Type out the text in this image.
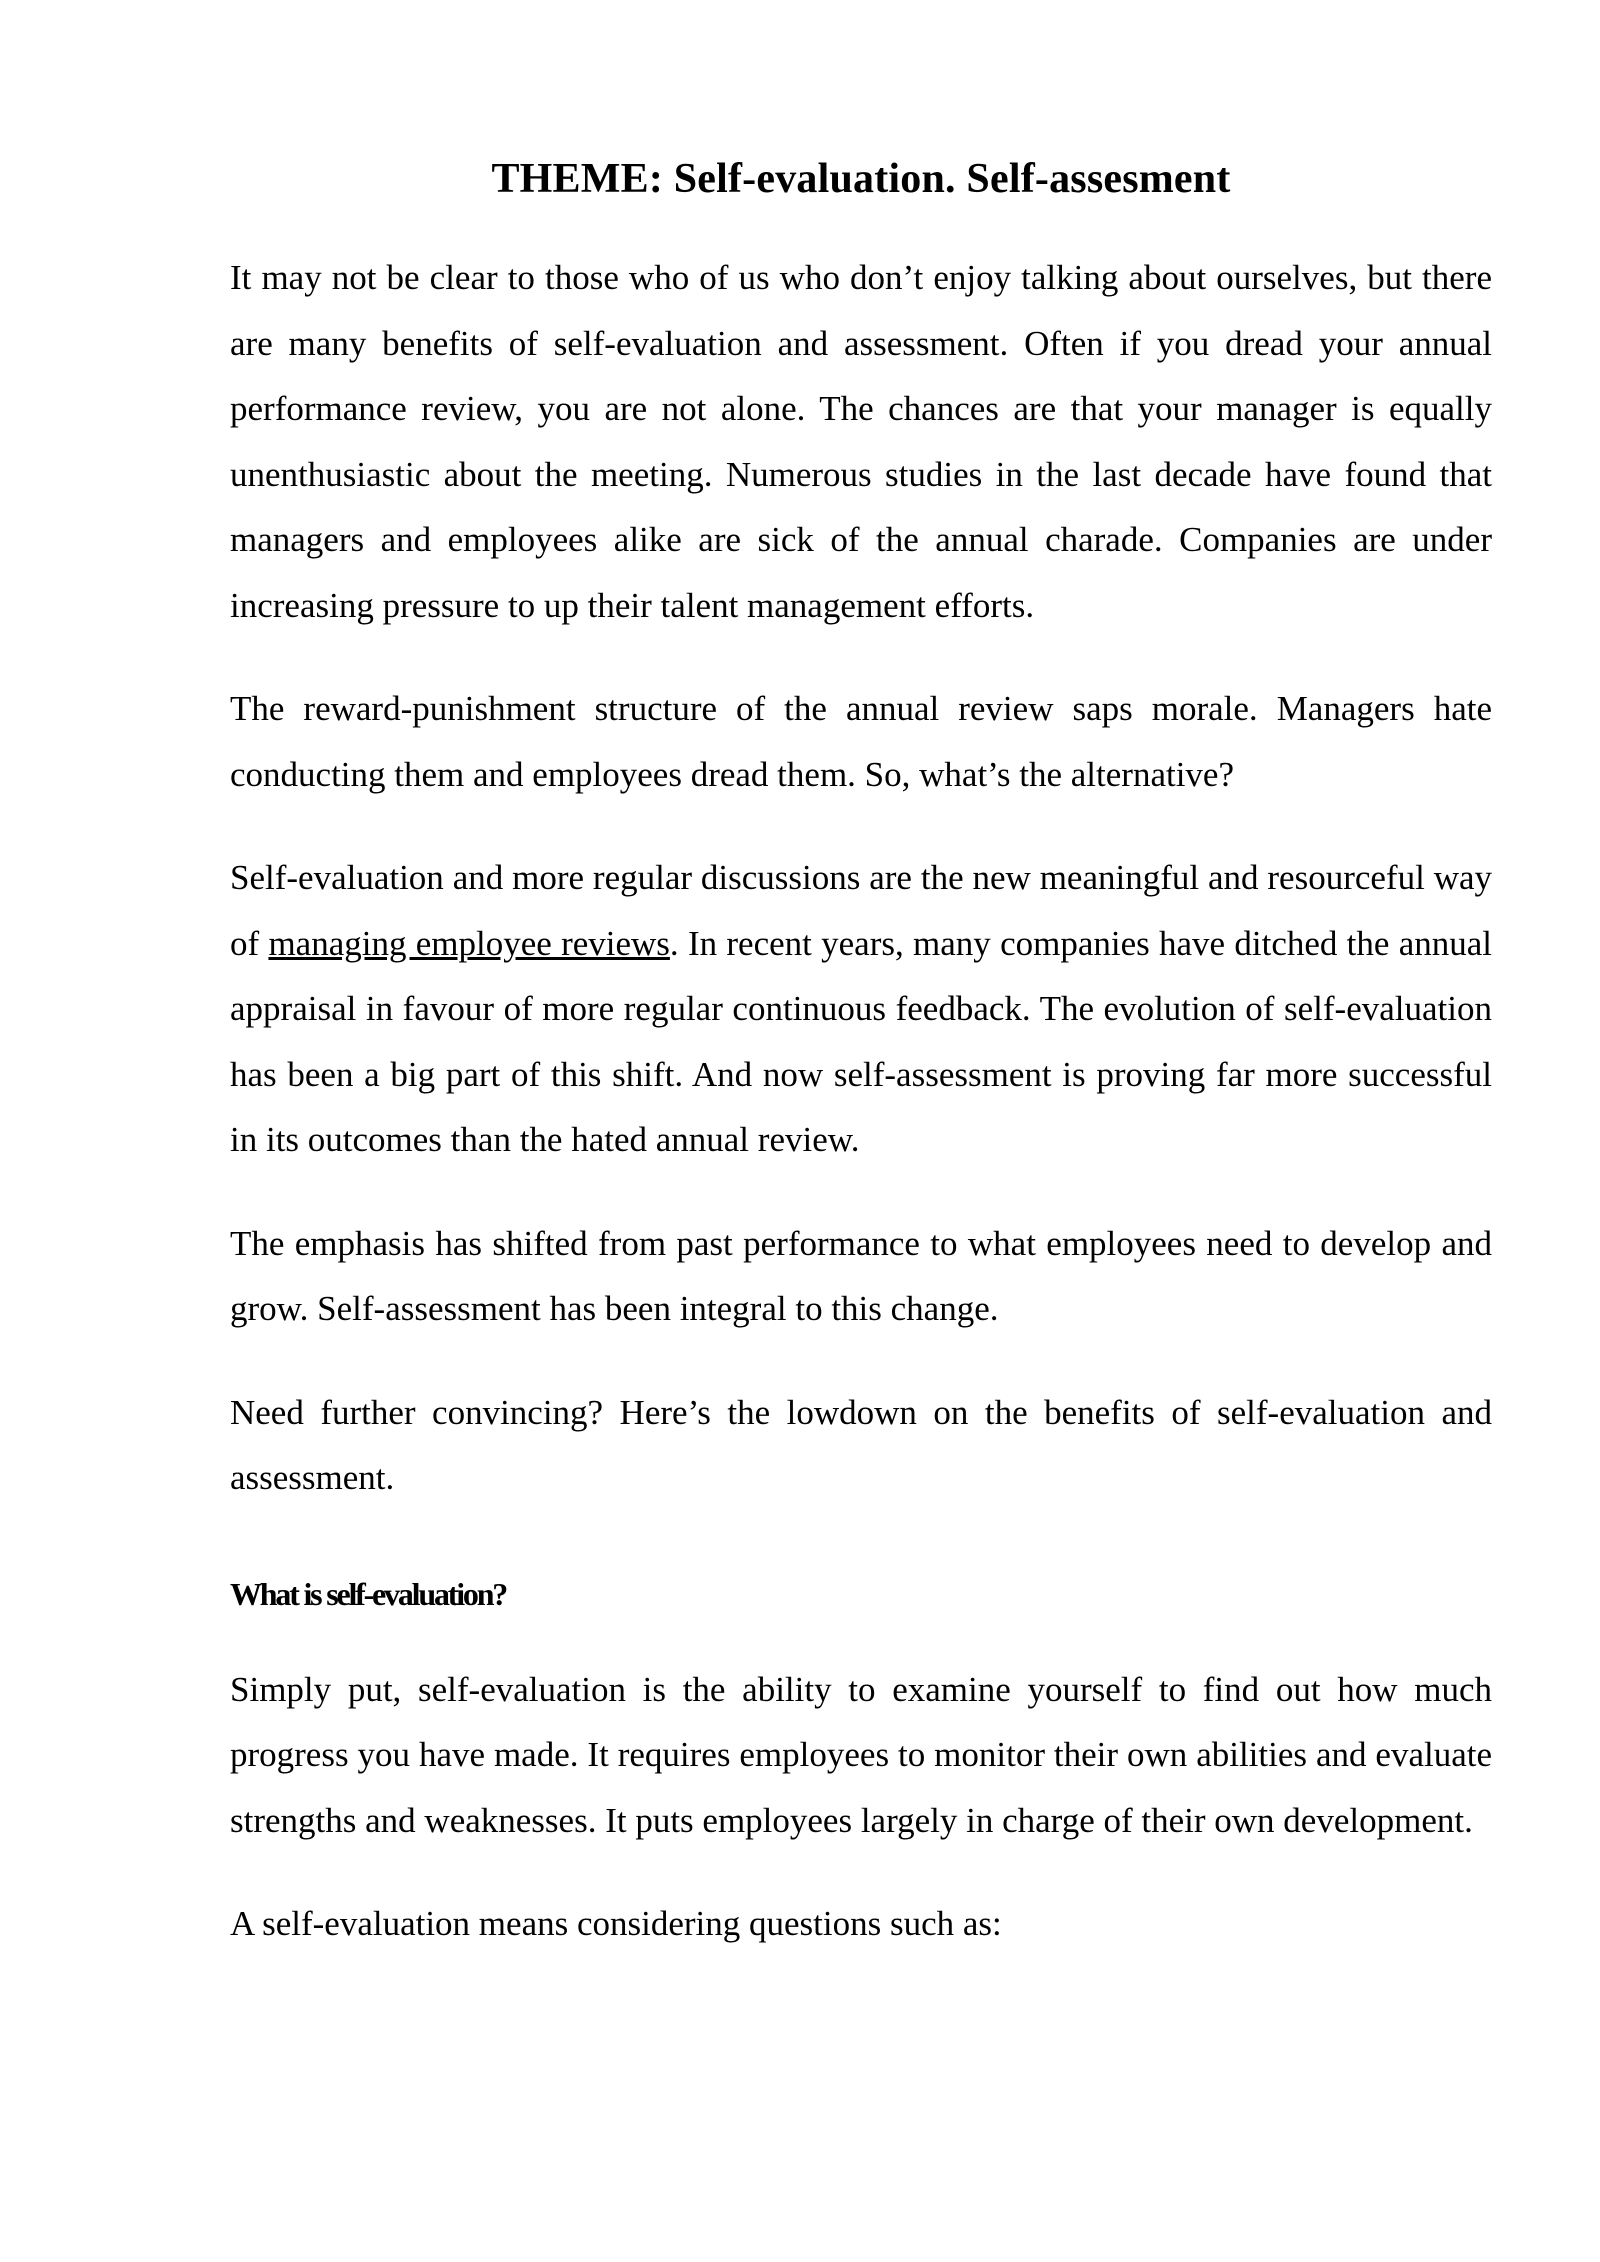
THEME: Self-evaluation. Self-assesment

It may not be clear to those who of us who don’t enjoy talking about ourselves, but there are many benefits of self-evaluation and assessment. Often if you dread your annual performance review, you are not alone. The chances are that your manager is equally unenthusiastic about the meeting. Numerous studies in the last decade have found that managers and employees alike are sick of the annual charade. Companies are under increasing pressure to up their talent management efforts.

The reward-punishment structure of the annual review saps morale. Managers hate conducting them and employees dread them. So, what’s the alternative?

Self-evaluation and more regular discussions are the new meaningful and resourceful way of managing employee reviews. In recent years, many companies have ditched the annual appraisal in favour of more regular continuous feedback. The evolution of self-evaluation has been a big part of this shift. And now self-assessment is proving far more successful in its outcomes than the hated annual review.

The emphasis has shifted from past performance to what employees need to develop and grow. Self-assessment has been integral to this change.

Need further convincing? Here’s the lowdown on the benefits of self-evaluation and assessment.

What is self-evaluation?

Simply put, self-evaluation is the ability to examine yourself to find out how much progress you have made. It requires employees to monitor their own abilities and evaluate strengths and weaknesses. It puts employees largely in charge of their own development.

A self-evaluation means considering questions such as:
